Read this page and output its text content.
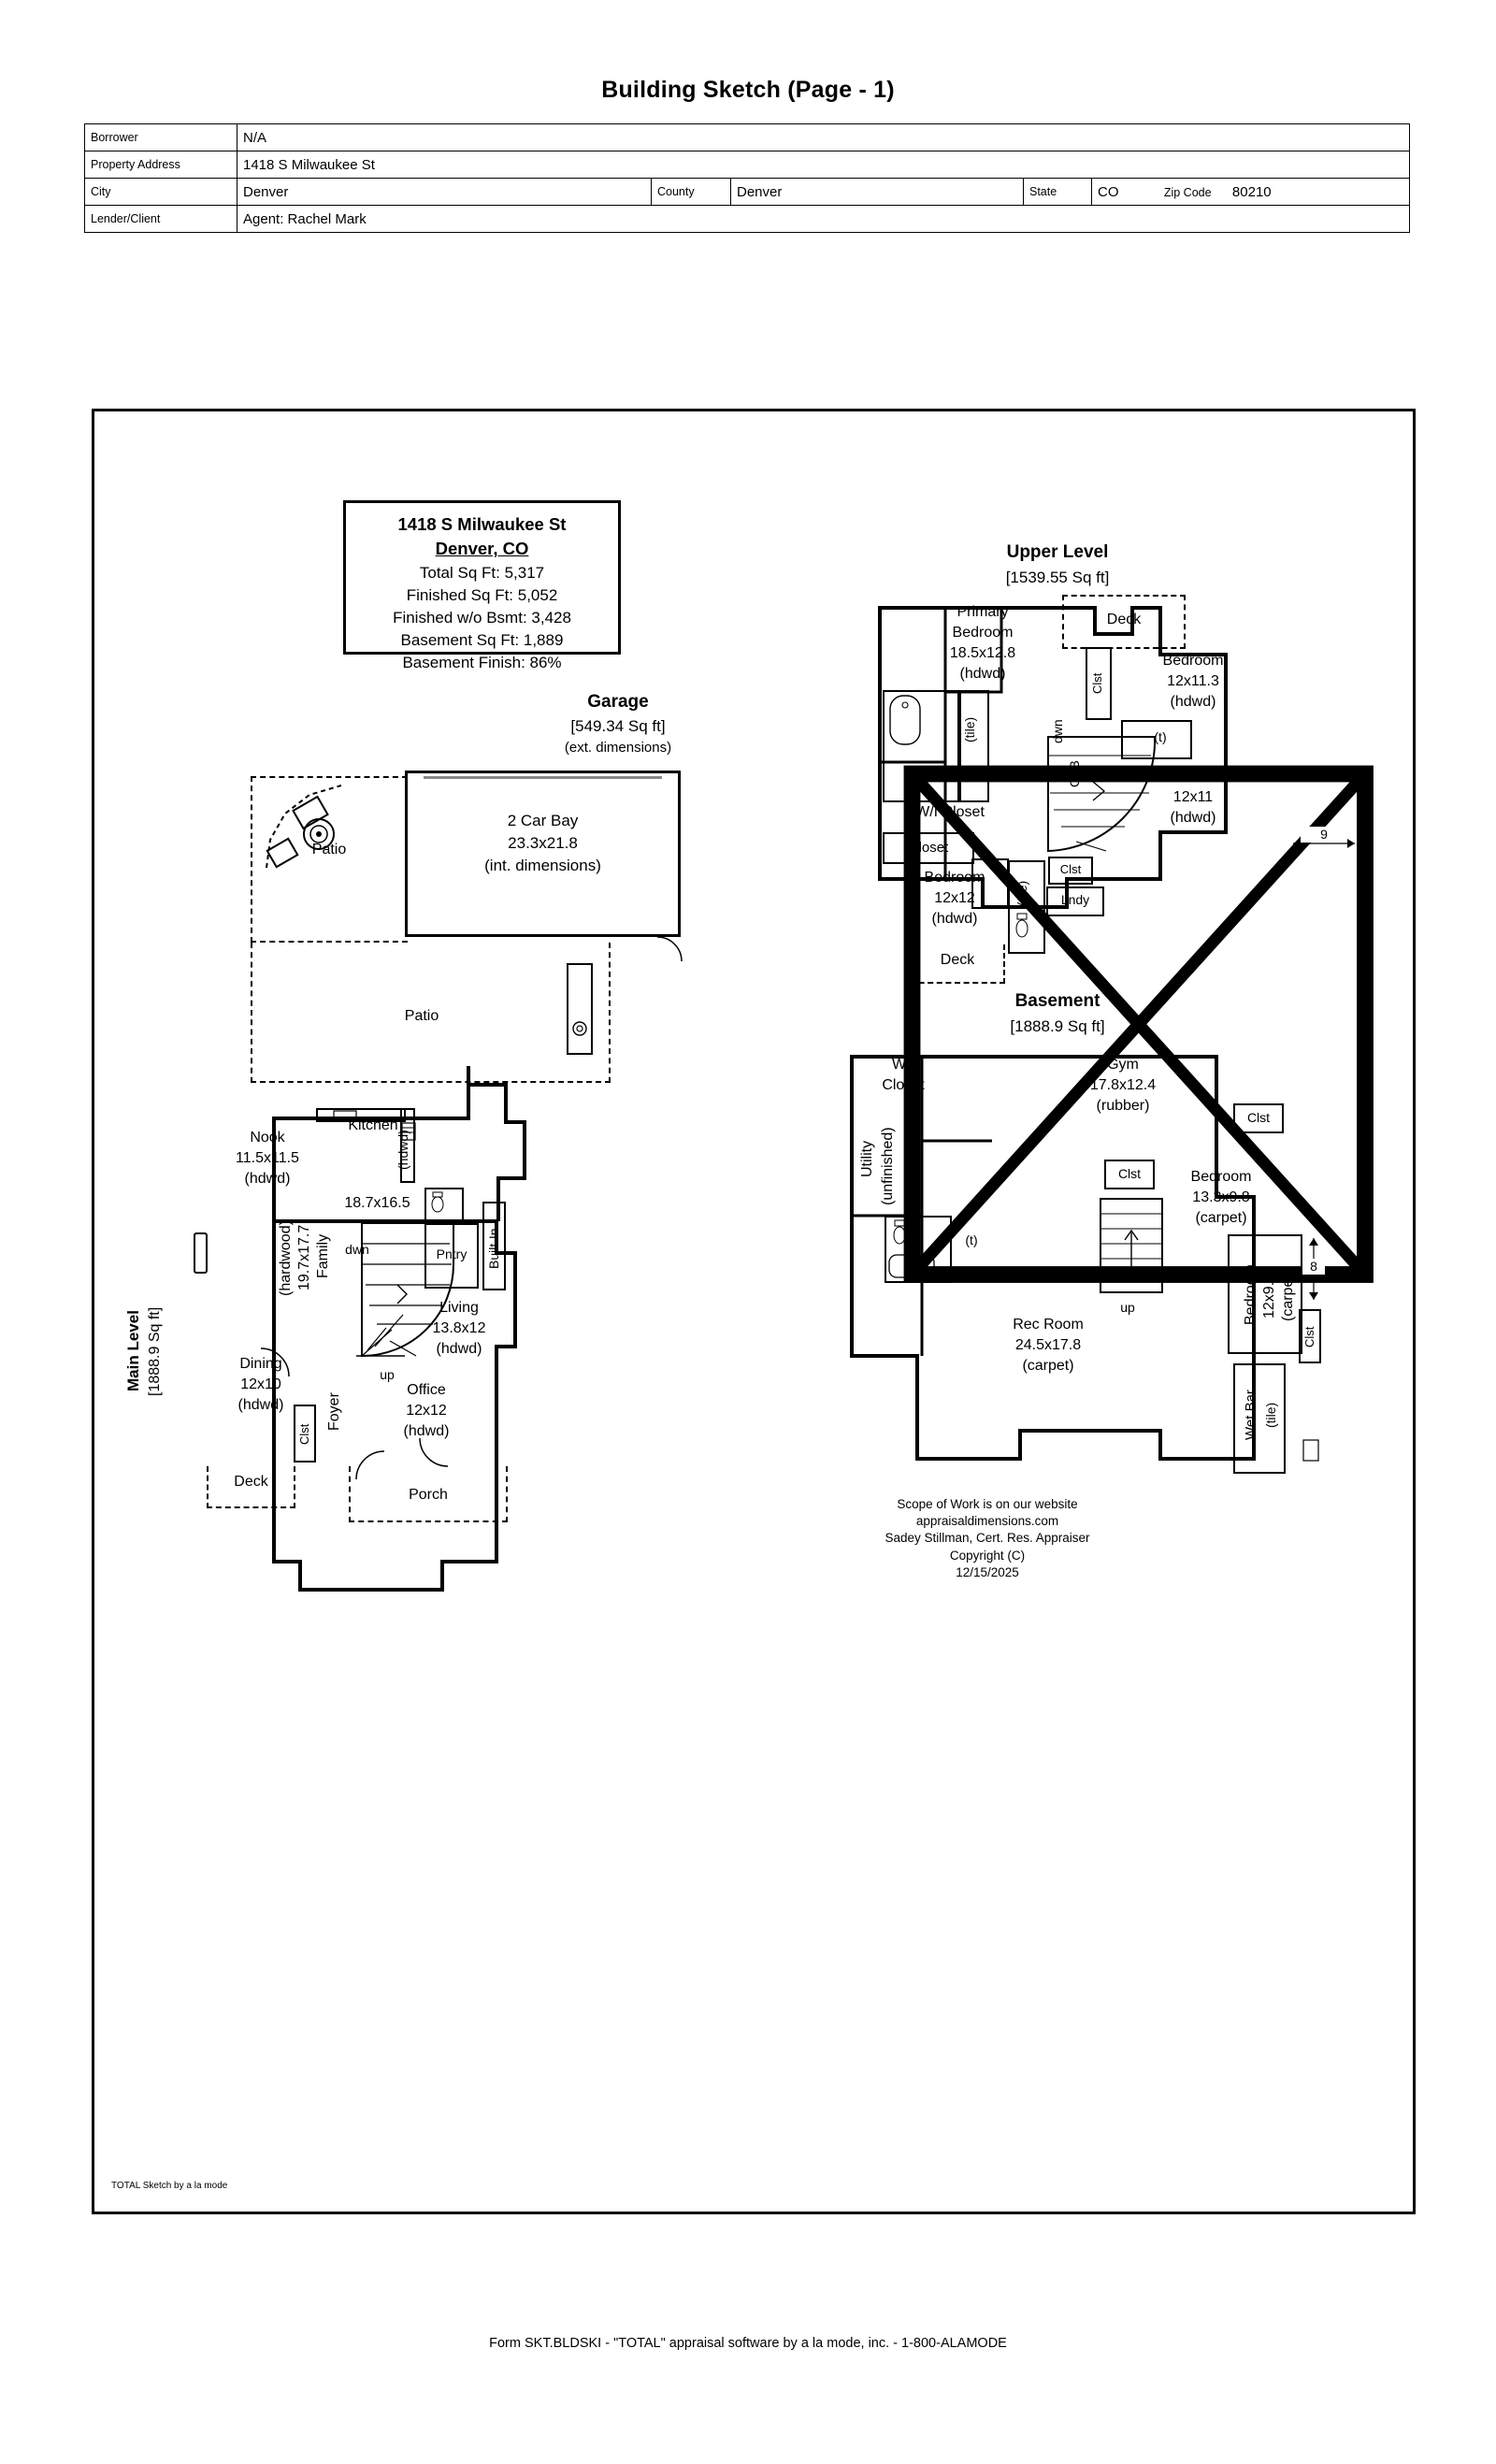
Building Sketch (Page - 1)
Borrower	N/A				
Property Address	1418 S Milwaukee St				
City	Denver	County	Denver	State	CO Zip Code 80210
Lender/Client	Agent: Rachel Mark				
1418 S Milwaukee St
Denver, CO
Total Sq Ft: 5,317
Finished Sq Ft: 5,052
Finished w/o Bsmt: 3,428
Basement Sq Ft: 1,889
Basement Finish: 86%
Garage
[549.34 Sq ft]
(ext. dimensions)
2 Car Bay
23.3x21.8
(int. dimensions)
Patio
Patio
Main Level [1888.9 Sq ft]
Nook
11.5x11.5
(hdwd)
Kitchen
18.7x16.5
(hdwd)
Family
19.7x17.7
(hardwood)	dwn
up
Pntry	Built-In
Living
13.8x12
(hdwd)
Dining
12x10
(hdwd)	Foyer
Clst
Office
12x12
(hdwd)
Deck
Porch
Upper Level
[1539.55 Sq ft]
Deck
Primary
Bedroom
18.5x12.8
(hdwd)
(tile)
W/I Closet
Closet
Bedroom
12x12
(hdwd)
Deck
(tile)
Clst
Lndy
dwn
OTB
Clst
Bedroom
12x11.3
(hdwd)
(t)
Bedroom
12x11
(hdwd)
9
Basement
[1888.9 Sq ft]
W/I
Closet
Utility (unfinished)
Gym
17.8x12.4
(rubber)
Clst
Clst
(t)
Bedroom
13.3x9.8
(carpet)
up	Bedroom 12x9.8 (carpet)
8
Clst
Rec Room
24.5x17.8
(carpet)
Wet Bar (tile)
Scope of Work is on our website
appraisaldimensions.com
Sadey Stillman, Cert. Res. Appraiser
Copyright (C)
12/15/2025
TOTAL Sketch by a la mode
Form SKT.BLDSKI - "TOTAL" appraisal software by a la mode, inc. - 1-800-ALAMODE
